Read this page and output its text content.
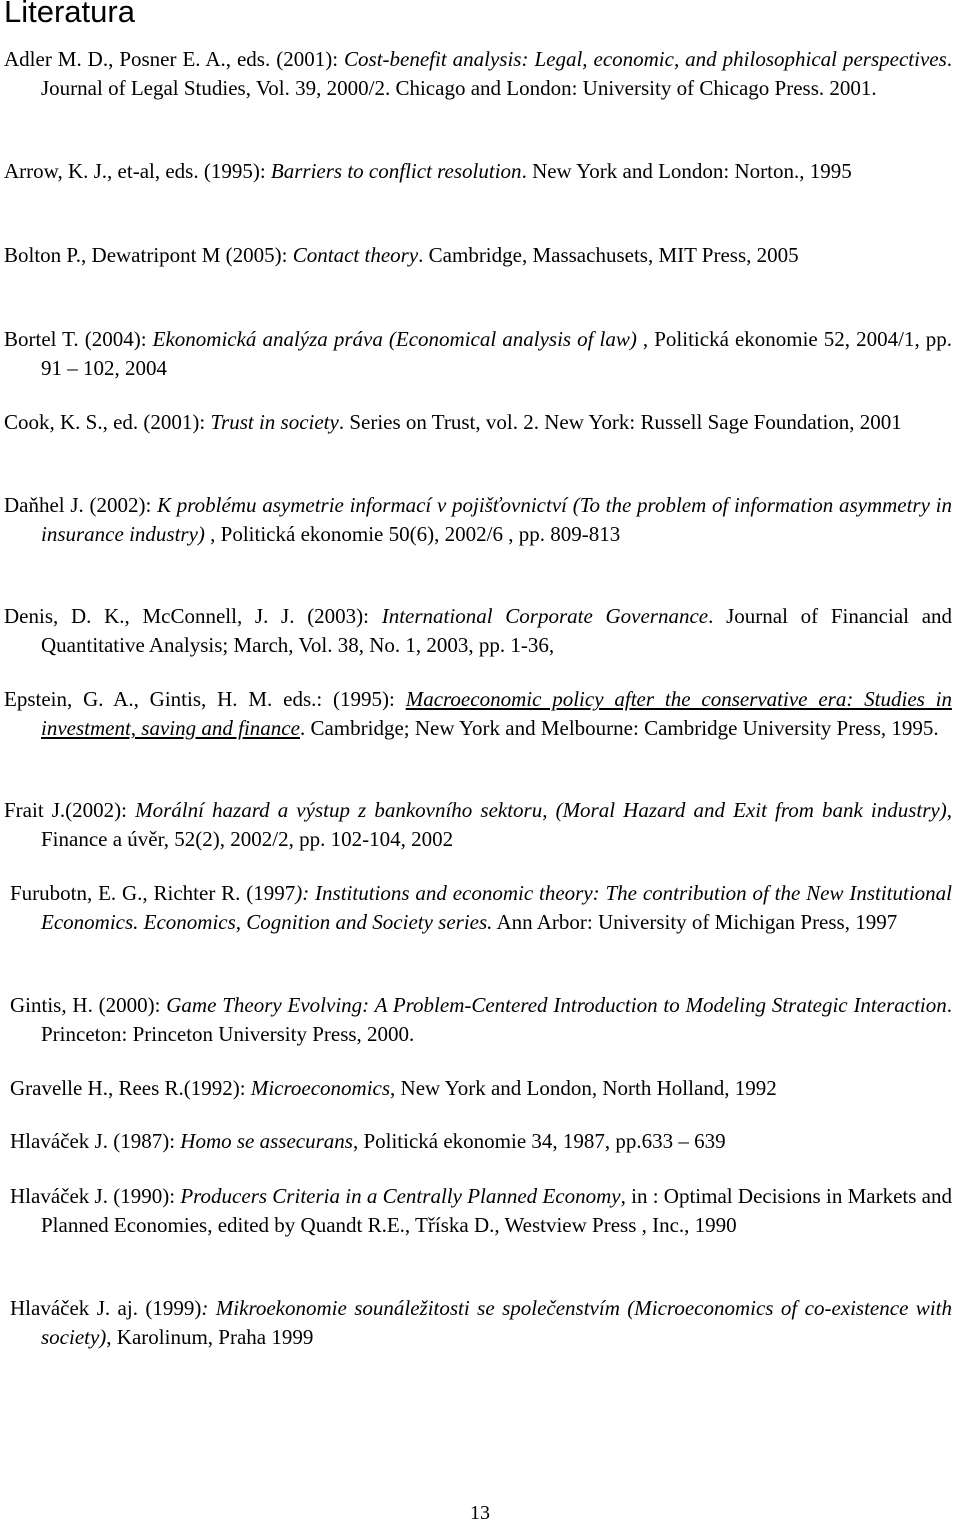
Literatura
Adler M. D., Posner E. A., eds. (2001): Cost-benefit analysis: Legal, economic, and philosophical perspectives. Journal of Legal Studies, Vol. 39, 2000/2. Chicago and London: University of Chicago Press. 2001.
Arrow, K. J., et-al, eds. (1995): Barriers to conflict resolution. New York and London: Norton., 1995
Bolton P., Dewatripont M (2005): Contact theory. Cambridge, Massachusets, MIT Press, 2005
Bortel T. (2004): Ekonomická analýza práva (Economical analysis of law) , Politická ekonomie 52, 2004/1, pp. 91 – 102, 2004
Cook, K. S., ed. (2001): Trust in society. Series on Trust, vol. 2. New York: Russell Sage Foundation, 2001
Daňhel J. (2002): K problému asymetrie informací v pojišťovnictví (To the problem of information asymmetry in insurance industry) , Politická ekonomie 50(6), 2002/6 , pp. 809-813
Denis, D. K., McConnell, J. J. (2003): International Corporate Governance. Journal of Financial and Quantitative Analysis; March, Vol. 38, No. 1, 2003, pp. 1-36,
Epstein, G. A., Gintis, H. M. eds.: (1995): Macroeconomic policy after the conservative era: Studies in investment, saving and finance. Cambridge; New York and Melbourne: Cambridge University Press, 1995.
Frait J.(2002): Morální hazard a výstup z bankovního sektoru, (Moral Hazard and Exit from bank industry), Finance a úvěr, 52(2), 2002/2, pp. 102-104, 2002
Furubotn, E. G., Richter R. (1997): Institutions and economic theory: The contribution of the New Institutional Economics. Economics, Cognition and Society series. Ann Arbor: University of Michigan Press, 1997
Gintis, H. (2000): Game Theory Evolving: A Problem-Centered Introduction to Modeling Strategic Interaction. Princeton: Princeton University Press, 2000.
Gravelle H., Rees R.(1992): Microeconomics, New York and London, North Holland, 1992
Hlaváček J. (1987): Homo se assecurans, Politická ekonomie 34, 1987, pp.633 – 639
Hlaváček J. (1990): Producers Criteria in a Centrally Planned Economy, in : Optimal Decisions in Markets and Planned Economies, edited by Quandt R.E., Tříska D., Westview Press , Inc., 1990
Hlaváček J. aj. (1999): Mikroekonomie sounáležitosti se společenstvím (Microeconomics of co-existence with society), Karolinum, Praha 1999
13
